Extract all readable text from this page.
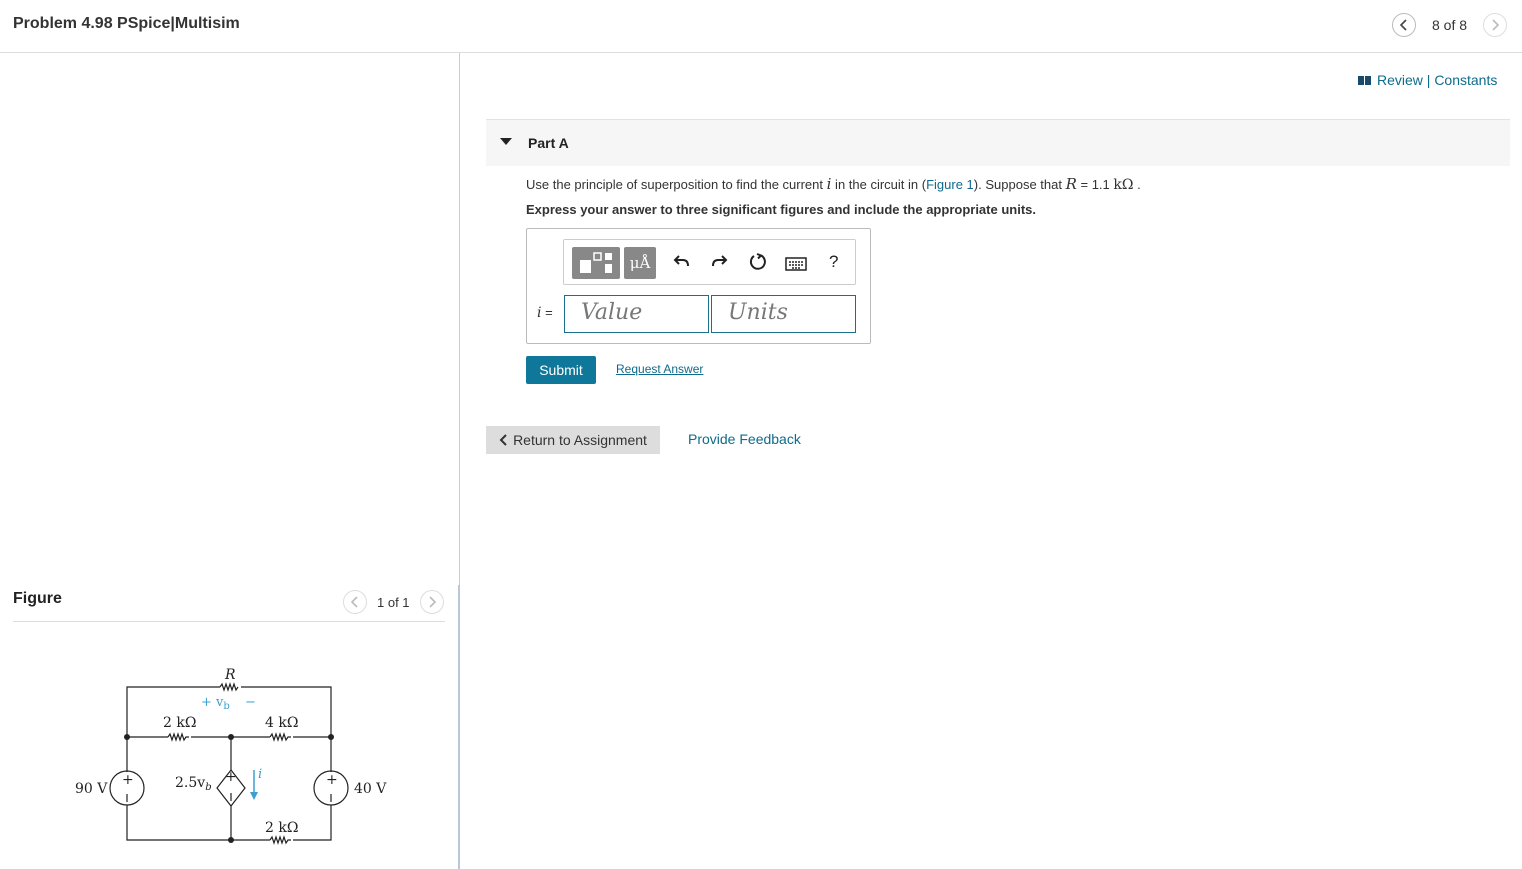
Problem 4.98 PSpice|Multisim	8 of 8
Review | Constants
Part A
Use the principle of superposition to find the current i in the circuit in (Figure 1). Suppose that R = 1.1 kΩ .
Express your answer to three significant figures and include the appropriate units.
μÅ	?
i =	Value	Units
Submit	Request Answer
Return to Assignment	Provide Feedback
Figure	1 of 1
+	+
+
R
+ $v_b$ −
2 kΩ	4 kΩ
2 kΩ
90 V	40 V
$2.5v_b$
i
